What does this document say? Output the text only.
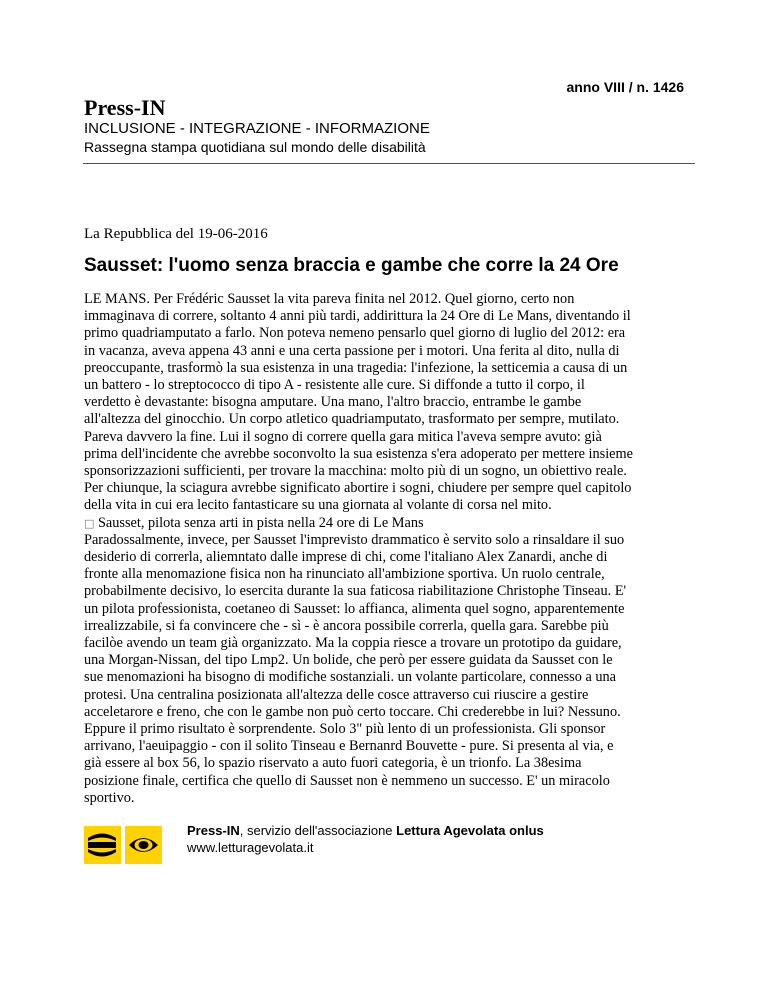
anno VIII / n. 1426
Press-IN
INCLUSIONE - INTEGRAZIONE - INFORMAZIONE
Rassegna stampa quotidiana sul mondo delle disabilità
La Repubblica del 19-06-2016
Sausset: l'uomo senza braccia e gambe che corre la 24 Ore

LE MANS. Per Frédéric Sausset la vita pareva finita nel 2012. Quel giorno, certo non

immaginava di correre, soltanto 4 anni più tardi, addirittura la 24 Ore di Le Mans, diventando il

primo quadriamputato a farlo. Non poteva nemeno pensarlo quel giorno di luglio del 2012: era

in vacanza, aveva appena 43 anni e una certa passione per i motori. Una ferita al dito, nulla di

preoccupante, trasformò la sua esistenza in una tragedia: l'infezione, la setticemia a causa di un

un battero - lo streptococco di tipo A - resistente alle cure. Si diffonde a tutto il corpo, il

verdetto è devastante: bisogna amputare. Una mano, l'altro braccio, entrambe le gambe

all'altezza del ginocchio. Un corpo atletico quadriamputato, trasformato per sempre, mutilato.

Pareva davvero la fine. Lui il sogno di correre quella gara mitica l'aveva sempre avuto: già

prima dell'incidente che avrebbe soconvolto la sua esistenza s'era adoperato per mettere insieme

sponsorizzazioni sufficienti, per trovare la macchina: molto più di un sogno, un obiettivo reale.

Per chiunque, la sciagura avrebbe significato abortire i sogni, chiudere per sempre quel capitolo

della vita in cui era lecito fantasticare su una giornata al volante di corsa nel mito.

□ Sausset, pilota senza arti in pista nella 24 ore di Le Mans

Paradossalmente, invece, per Sausset l'imprevisto drammatico è servito solo a rinsaldare il suo

desiderio di correrla, aliemntato dalle imprese di chi, come l'italiano Alex Zanardi, anche di

fronte alla menomazione fisica non ha rinunciato all'ambizione sportiva. Un ruolo centrale,

probabilmente decisivo, lo esercita durante la sua faticosa riabilitazione Christophe Tinseau. E'

un pilota professionista, coetaneo di Sausset: lo affianca, alimenta quel sogno, apparentemente

irrealizzabile, si fa convincere che - sì - è ancora possibile correrla, quella gara. Sarebbe più

facilòe avendo un team già organizzato. Ma la coppia riesce a trovare un prototipo da guidare,

una Morgan-Nissan, del tipo Lmp2. Un bolide, che però per essere guidata da Sausset con le

sue menomazioni ha bisogno di modifiche sostanziali. un volante particolare, connesso a una

protesi. Una centralina posizionata all'altezza delle cosce attraverso cui riuscire a gestire

acceletarore e freno, che con le gambe non può certo toccare. Chi crederebbe in lui? Nessuno.

Eppure il primo risultato è sorprendente. Solo 3" più lento di un professionista. Gli sponsor

arrivano, l'aeuipaggio - con il solito Tinseau e Bernanrd Bouvette - pure. Si presenta al via, e

già essere al box 56, lo spazio riservato a auto fuori categoria, è un trionfo. La 38esima

posizione finale, certifica che quello di Sausset non è nemmeno un successo. E' un miracolo

sportivo.

Press-IN, servizio dell'associazione Lettura Agevolata onlus
www.letturagevolata.it
